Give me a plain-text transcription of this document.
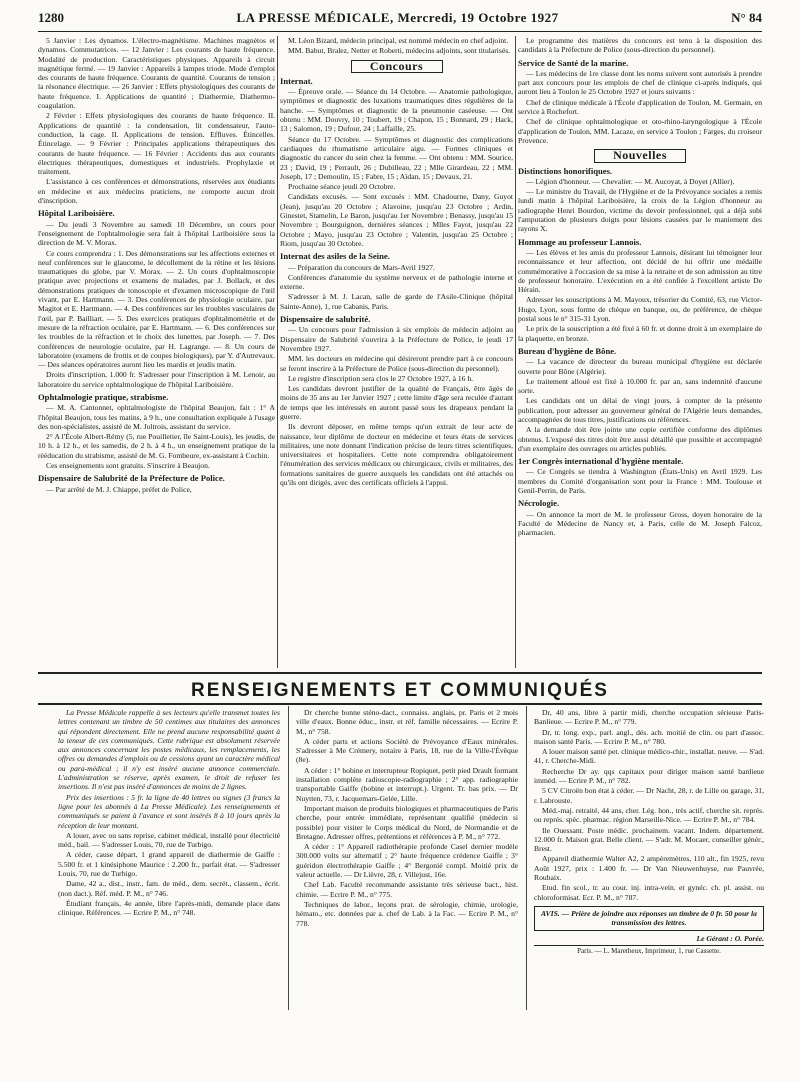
1280	LA PRESSE MÉDICALE, Mercredi, 19 Octobre 1927	N° 84

5 Janvier : Les dynamos. L'électro-magnétisme. Machines magnétos et dynamos. Commutatrices. — 12 Janvier : Les courants de haute fréquence. Modalité de production. Caractéristiques physiques. Appareils à circuit magnétique fermé. — 19 Janvier : Appareils à lampes triode. Mode d'emploi des courants de haute fréquence. Courants de quantité. Courants de tension ; la résonance électrique. — 26 Janvier : Effets physiologiques des courants de haute fréquence. I. Applications de quantité ; Diathermie, Diathermo-coagulation.

2 Février : Effets physiologiques des courants de haute fréquence. II. Applications de quantité : la condensation, lit condensateur, l'auto-conduction, la cage. II. Applications de tension. Effluves. Étincelles. Étincelage. — 9 Février : Principales applications thérapeutiques des courants de haute fréquence. — 16 Février : Accidents dus aux courants électriques thérapeutiques, domestiques et industriels. Prophylaxie et traitement.

L'assistance à ces conférences et démonstrations, réservées aux étudiants en médecine et aux médecins praticiens, ne comporte aucun droit d'inscription.

Hôpital Lariboisière.

— Du jeudi 3 Novembre au samedi 10 Décembre, un cours pour l'enseignement de l'ophtalmologie sera fait à l'hôpital Lariboisière sous la direction de M. V. Morax.

Ce cours comprendra : 1. Des démonstrations sur les affections externes et neuf conférences sur le glaucome, le décollement de la rétine et les lésions traumatiques du globe, par V. Morax. — 2. Un cours d'ophtalmoscopie pratique avec projections et examens de malades, par J. Bollack, et des démonstrations pratiques de tonoscopie et d'examen microscopique de l'œil vivant, par E. Hartmann. — 3. Des conférences de physiologie oculaire, par Magitot et E. Hartmann. — 4. Des conférences sur les troubles vasculaires de l'œil, par P. Bailliart. — 5. Des exercices pratiques d'ophtalmométrie et de mesure de la réfraction oculaire, par E. Hartmann. — 6. Des conférences sur les troubles de la réfraction et le choix des lunettes, par Joseph. — 7. Des conférences de neurologie oculaire, par H. Lagrange. — 8. Un cours de laboratoire (examens de frottis et de coupes biologiques), par Y. d'Autrevaux. — Des séances opératoires auront lieu les mardis et jeudis matin.

Droits d'inscription, 1.000 fr. S'adresser pour l'inscription à M. Lenoir, au laboratoire du service ophtalmologique de l'hôpital Lariboisière.

Ophtalmologie pratique, strabisme.

— M. A. Cantonnet, ophtalmologiste de l'hôpital Beaujon, fait : 1° A l'hôpital Beaujon, tous les matins, à 9 h., une consultation expliquée à l'usage des non-spécialistes, assisté de M. Joltrois, assistant du service.

2° A l'École Albert-Rémy (5, rue Pouilletier, île Saint-Louis), les jeudis, de 10 h. à 12 h., et les samedis, de 2 h. à 4 h., un enseignement pratique de la rééducation du strabisme, assisté de M. G. Fombeure, ex-assistant à Cochin.

Ces enseignements sont gratuits. S'inscrire à Beaujon.

Dispensaire de Salubrité de la Préfecture de Police.

— Par arrêté de M. J. Chiappe, préfet de Police,

M. Léon Bizard, médecin principal, est nommé médecin en chef adjoint.

MM. Babut, Bralez, Netter et Roberti, médecins adjoints, sont titularisés.

Concours
Internat.

— Épreuve orale. — Séance du 14 Octobre. — Anatomie pathologique, symptômes et diagnostic des luxations traumatiques dites régulières de la hanche. — Symptômes et diagnostic de la pneumonie caséeuse. — Ont obtenu : MM. Douvry, 10 ; Toubert, 19 ; Chapon, 15 ; Bonnard, 29 ; Hack, 13 ; Salomon, 19 ; Dufour, 24 ; Laffaille, 25.

Séance du 17 Octobre. — Symptômes et diagnostic des complications cardiaques du rhumatisme articulaire aigu. — Formes cliniques et diagnostic du cancer du sein chez la femme. — Ont obtenu : MM. Sourice, 23 ; David, 19 ; Perrault, 26 ; Dubilleau, 22 ; Mlle Girardeau, 22 ; MM. Joseph, 17 ; Demoulin, 15 ; Fabre, 15 ; Aïdan, 15 ; Devaux, 21.

Prochaine séance jeudi 20 Octobre.

Candidats excusés. — Sont excusés : MM. Chadourne, Dany, Guyot (Jean), jusqu'au 20 Octobre ; Alavoine, jusqu'au 23 Octobre ; Ardin, Ginestet, Stamelin, Le Baron, jusqu'au 1er Novembre ; Benassy, jusqu'au 15 Novembre ; Bourguignon, dernières séances ; Mlles Fayot, jusqu'au 22 Octobre ; Mayo, jusqu'au 23 Octobre ; Valentin, jusqu'au 25 Octobre ; Riom, jusqu'au 30 Octobre.

Internat des asiles de la Seine.

— Préparation du concours de Mars-Avril 1927.

Conférences d'anatomie du système nerveux et de pathologie interne et externe.

S'adresser à M. J. Lacan, salle de garde de l'Asile-Clinique (hôpital Sainte-Anne), 1, rue Cabanis, Paris.

Dispensaire de salubrité.

— Un concours pour l'admission à six emplois de médecin adjoint au Dispensaire de Salubrité s'ouvrira à la Préfecture de Police, le jeudi 17 Novembre 1927.

MM. les docteurs en médecine qui désireront prendre part à ce concours se feront inscrire à la Préfecture de Police (sous-direction du personnel).

Le registre d'inscription sera clos le 27 Octobre 1927, à 16 h.

Les candidats devront justifier de la qualité de Français, être âgés de moins de 35 ans au 1er Janvier 1927 ; cette limite d'âge sera reculée d'autant de temps que les intéressés en auront passé sous les drapeaux pendant la guerre.

Ils devront déposer, en même temps qu'un extrait de leur acte de naissance, leur diplôme de docteur en médecine et leurs états de services militaires, une note donnant l'indication précise de leurs titres scientifiques, universitaires et hospitaliers. Cette note comprendra obligatoirement l'énumération des services médicaux ou chirurgicaux, civils et militaires, des formations sanitaires de guerre auxquels les candidats ont été attachés ou qu'ils ont dirigés, avec des certificats officiels à l'appui.

Le programme des matières du concours est tenu à la disposition des candidats à la Préfecture de Police (sous-direction du personnel).

Service de Santé de la marine.

— Les médecins de 1re classe dont les noms suivent sont autorisés à prendre part aux concours pour les emplois de chef de clinique ci-après indiqués, qui auront lieu à Toulon le 25 Octobre 1927 et jours suivants :

Chef de clinique médicale à l'École d'application de Toulon, M. Germain, en service à Rochefort.

Chef de clinique ophtalmologique et oto-rhino-laryngologique à l'École d'application de Toulon, MM. Lacaze, en service à Toulon ; Farges, du croiseur Provence.

Nouvelles
Distinctions honorifiques.

— Légion d'honneur. — Chevalier. — M. Aucoyat, à Doyet (Allier).

— Le ministre du Travail, de l'Hygiène et de la Prévoyance sociales a remis lundi matin à l'hôpital Lariboisière, la croix de la Légion d'honneur au radiographe Henri Bourdon, victime du devoir professionnel, qui a déjà subi l'amputation de plusieurs doigts pour lésions causées par le maniement des rayons X.

Hommage au professeur Lannois.

— Les élèves et les amis du professeur Lannois, désirant lui témoigner leur reconnaissance et leur affection, ont décidé de lui offrir une médaille commémorative à l'occasion de sa mise à la retraite et de son admission au titre de professeur honoraire. L'exécution en a été confiée à l'excellent artiste De Hérain.

Adresser les souscriptions à M. Mayoux, trésorier du Comité, 63, rue Victor-Hugo, Lyon, sous forme de chèque en banque, ou, de préférence, de chèque postal sous le n° 315-31 Lyon.

Le prix de la souscription a été fixé à 60 fr. et donne droit à un exemplaire de la plaquette, en bronze.

Bureau d'hygiène de Bône.

— La vacance de directeur du bureau municipal d'hygiène est déclarée ouverte pour Bône (Algérie).

Le traitement alloué est fixé à 10.000 fr. par an, sans indemnité d'aucune sorte.

Les candidats ont un délai de vingt jours, à compter de la présente publication, pour adresser au gouverneur général de l'Algérie leurs demandes, accompagnées de tous titres, justifications ou références.

A la demande doit être jointe une copie certifiée conforme des diplômes obtenus. L'exposé des titres doit être aussi détaillé que possible et accompagné d'un exemplaire des ouvrages ou articles publiés.

1er Congrès international d'hygiène mentale.

— Ce Congrès se tiendra à Washington (États-Unis) en Avril 1929. Les membres du Comité d'organisation sont pour la France : MM. Toulouse et Genil-Perrin, de Paris.

Nécrologie.

— On annonce la mort de M. le professeur Gross, doyen honoraire de la Faculté de Médecine de Nancy et, à Paris, celle de M. Joseph Falcoz, pharmacien.

RENSEIGNEMENTS ET COMMUNIQUÉS

La Presse Médicale rappelle à ses lecteurs qu'elle transmet toutes les lettres contenant un timbre de 50 centimes aux titulaires des annonces qui répondent directement. Elle ne prend aucune responsabilité quant à la teneur de ces communiqués. Cette rubrique est absolument réservée aux annonces concernant les postes médicaux, les remplacements, les offres ou demandes d'emplois ou de cessions ayant un caractère médical ou para-médical ; il n'y est inséré aucune annonce commerciale. L'administration se réserve, après examen, le droit de refuser les insertions. Il n'est pas inséré d'annonces de moins de 2 lignes.

Prix des insertions : 5 fr. la ligne de 40 lettres ou signes (3 francs la ligne pour les abonnés à La Presse Médicale). Les renseignements et communiqués se paient à l'avance et sont insérés 8 à 10 jours après la réception de leur montant.

A louer, avec ou sans reprise, cabinet médical, installé pour électricité méd., bail. — S'adresser Louis, 70, rue de Turbigo.

A céder, cause départ, 1 grand appareil de diathermie de Gaiffe : 5.500 fr. et 1 kinésiphone Maurice : 2.200 fr., parfait état. — S'adresser Louis, 70, rue de Turbigo.

Dame, 42 a., dist., instr., fam. de méd., dem. secrét., classem., écrit. (non dact.). Réf. méd. P. M., n° 746.

Étudiant français, 4e année, libre l'après-midi, demande place dans clinique. Références. — Ecrire P. M., n° 748.

Dr cherche bonne sténo-dact., connaiss. anglais, pr. Paris et 2 mois ville d'eaux. Bonne éduc., instr. et réf. famille nécessaires. — Ecrire P. M., n° 758.

A céder parts et actions Société de Prévoyance d'Eaux minérales. S'adresser à Me Crémery, notaire à Paris, 18, rue de la Ville-l'Évêque (8e).

A céder : 1° bobine et interrupteur Ropiquet, petit pied Drault formant installation complète radioscopie-radiographie ; 2° app. radiographie transportable Gaiffe (bobine et interrupt.). Urgent. Tr. bas prix. — Dr Nuytten, 73, r. Jacquemars-Gelée, Lille.

Important maison de produits biologiques et pharmaceutiques de Paris cherche, pour entrée immédiate, représentant qualifié (médecin si possible) pour visiter le Corps médical du Nord, de Normandie et de Bretagne. Adresser offres, prétentions et références à P. M., n° 772.

A céder : 1° Appareil radiothérapie profonde Casel dernier modèle 300.000 volts sur alternatif ; 2° haute fréquence crédence Gaiffe ; 3° guéridon électrothérapie Gaiffe ; 4° Bergonié compl. Moitié prix de valeur actuelle. — Dr Lièvre, 28, r. Villejust, 16e.

Chef Lab. Faculté recommande assistante très sérieuse bact., hist. chimie. — Ecrire P. M., n° 775.

Techniques de labor., leçons prat. de sérologie, chimie, urologie, hémato., etc. données par a. chef de Lab. à la Fac. — Ecrire P. M., n° 778.

Dr, 40 ans, libre à partir midi, cherche occupation sérieuse Paris-Banlieue. — Ecrire P. M., n° 779.

Dr, tr. long. exp., parl. angl., dés. ach. moitié de clin. ou part d'assoc. maison santé Paris. — Ecrire P. M., n° 780.

A louer maison santé pet. clinique médico-chir., installat. neuve. — S'ad. 41, r. Cherche-Midi.

Recherche Dr ay. qqs capitaux pour diriger maison santé banlieue imméd. — Ecrire P. M., n° 782.

5 CV Citroën bon état à céder. — Dr Nacht, 28, r. de Lille ou garage, 31, r. Labrouste.

Méd.-maj. retraité, 44 ans, cher. Lég. hon., très actif, cherche sit. représ. ou représ. spéc. pharmac. région Marseille-Nice. — Ecrire P. M., n° 784.

Ile Ouessant. Poste médic. prochainem. vacant. Indem. département. 12.000 fr. Maison grat. Belle client. — S'adr. M. Mocaer, conseiller génér., Brest.

Appareil diathermie Walter A2, 2 ampèremètres, 110 alt., fin 1925, revu Août 1927, prix : 1.400 fr. — Dr Van Nieuwenhuyse, rue Pauvrée, Roubaix.

Etud. fin scol., tr. au cour. inj. intra-vein. et gynéc. ch. pl. assist. ou chloroformisat. Ecr. P. M., n° 787.

AVIS. — Prière de joindre aux réponses un timbre de 0 fr. 50 pour la transmission des lettres.
Le Gérant : O. Porée.
Paris. — L. Maretheux, Imprimeur, 1, rue Cassette.
